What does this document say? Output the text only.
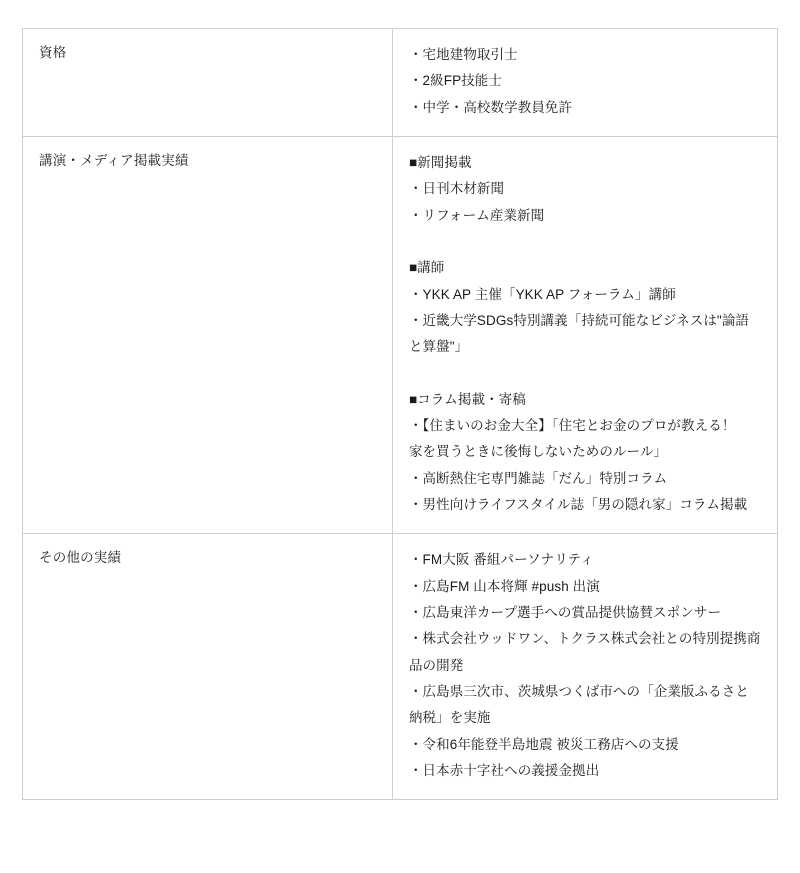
資格	・宅地建物取引士

・2級FP技能士

・中学・高校数学教員免許

講演・メディア掲載実績	■新聞掲載

・日刊木材新聞

・リフォーム産業新聞

■講師

・YKK AP 主催「YKK AP フォーラム」講師

・近畿大学SDGs特別講義「持続可能なビジネスは"論語と算盤"」

■コラム掲載・寄稿

・【住まいのお金大全】「住宅とお金のプロが教える！　家を買うときに後悔しないためのルール」

・高断熱住宅専門雑誌「だん」特別コラム

・男性向けライフスタイル誌「男の隠れ家」コラム掲載

その他の実績	・FM大阪 番組パーソナリティ

・広島FM 山本将輝 #push 出演

・広島東洋カープ選手への賞品提供協賛スポンサー

・株式会社ウッドワン、トクラス株式会社との特別提携商品の開発

・広島県三次市、茨城県つくば市への「企業版ふるさと納税」を実施

・令和6年能登半島地震 被災工務店への支援

・日本赤十字社への義援金拠出
